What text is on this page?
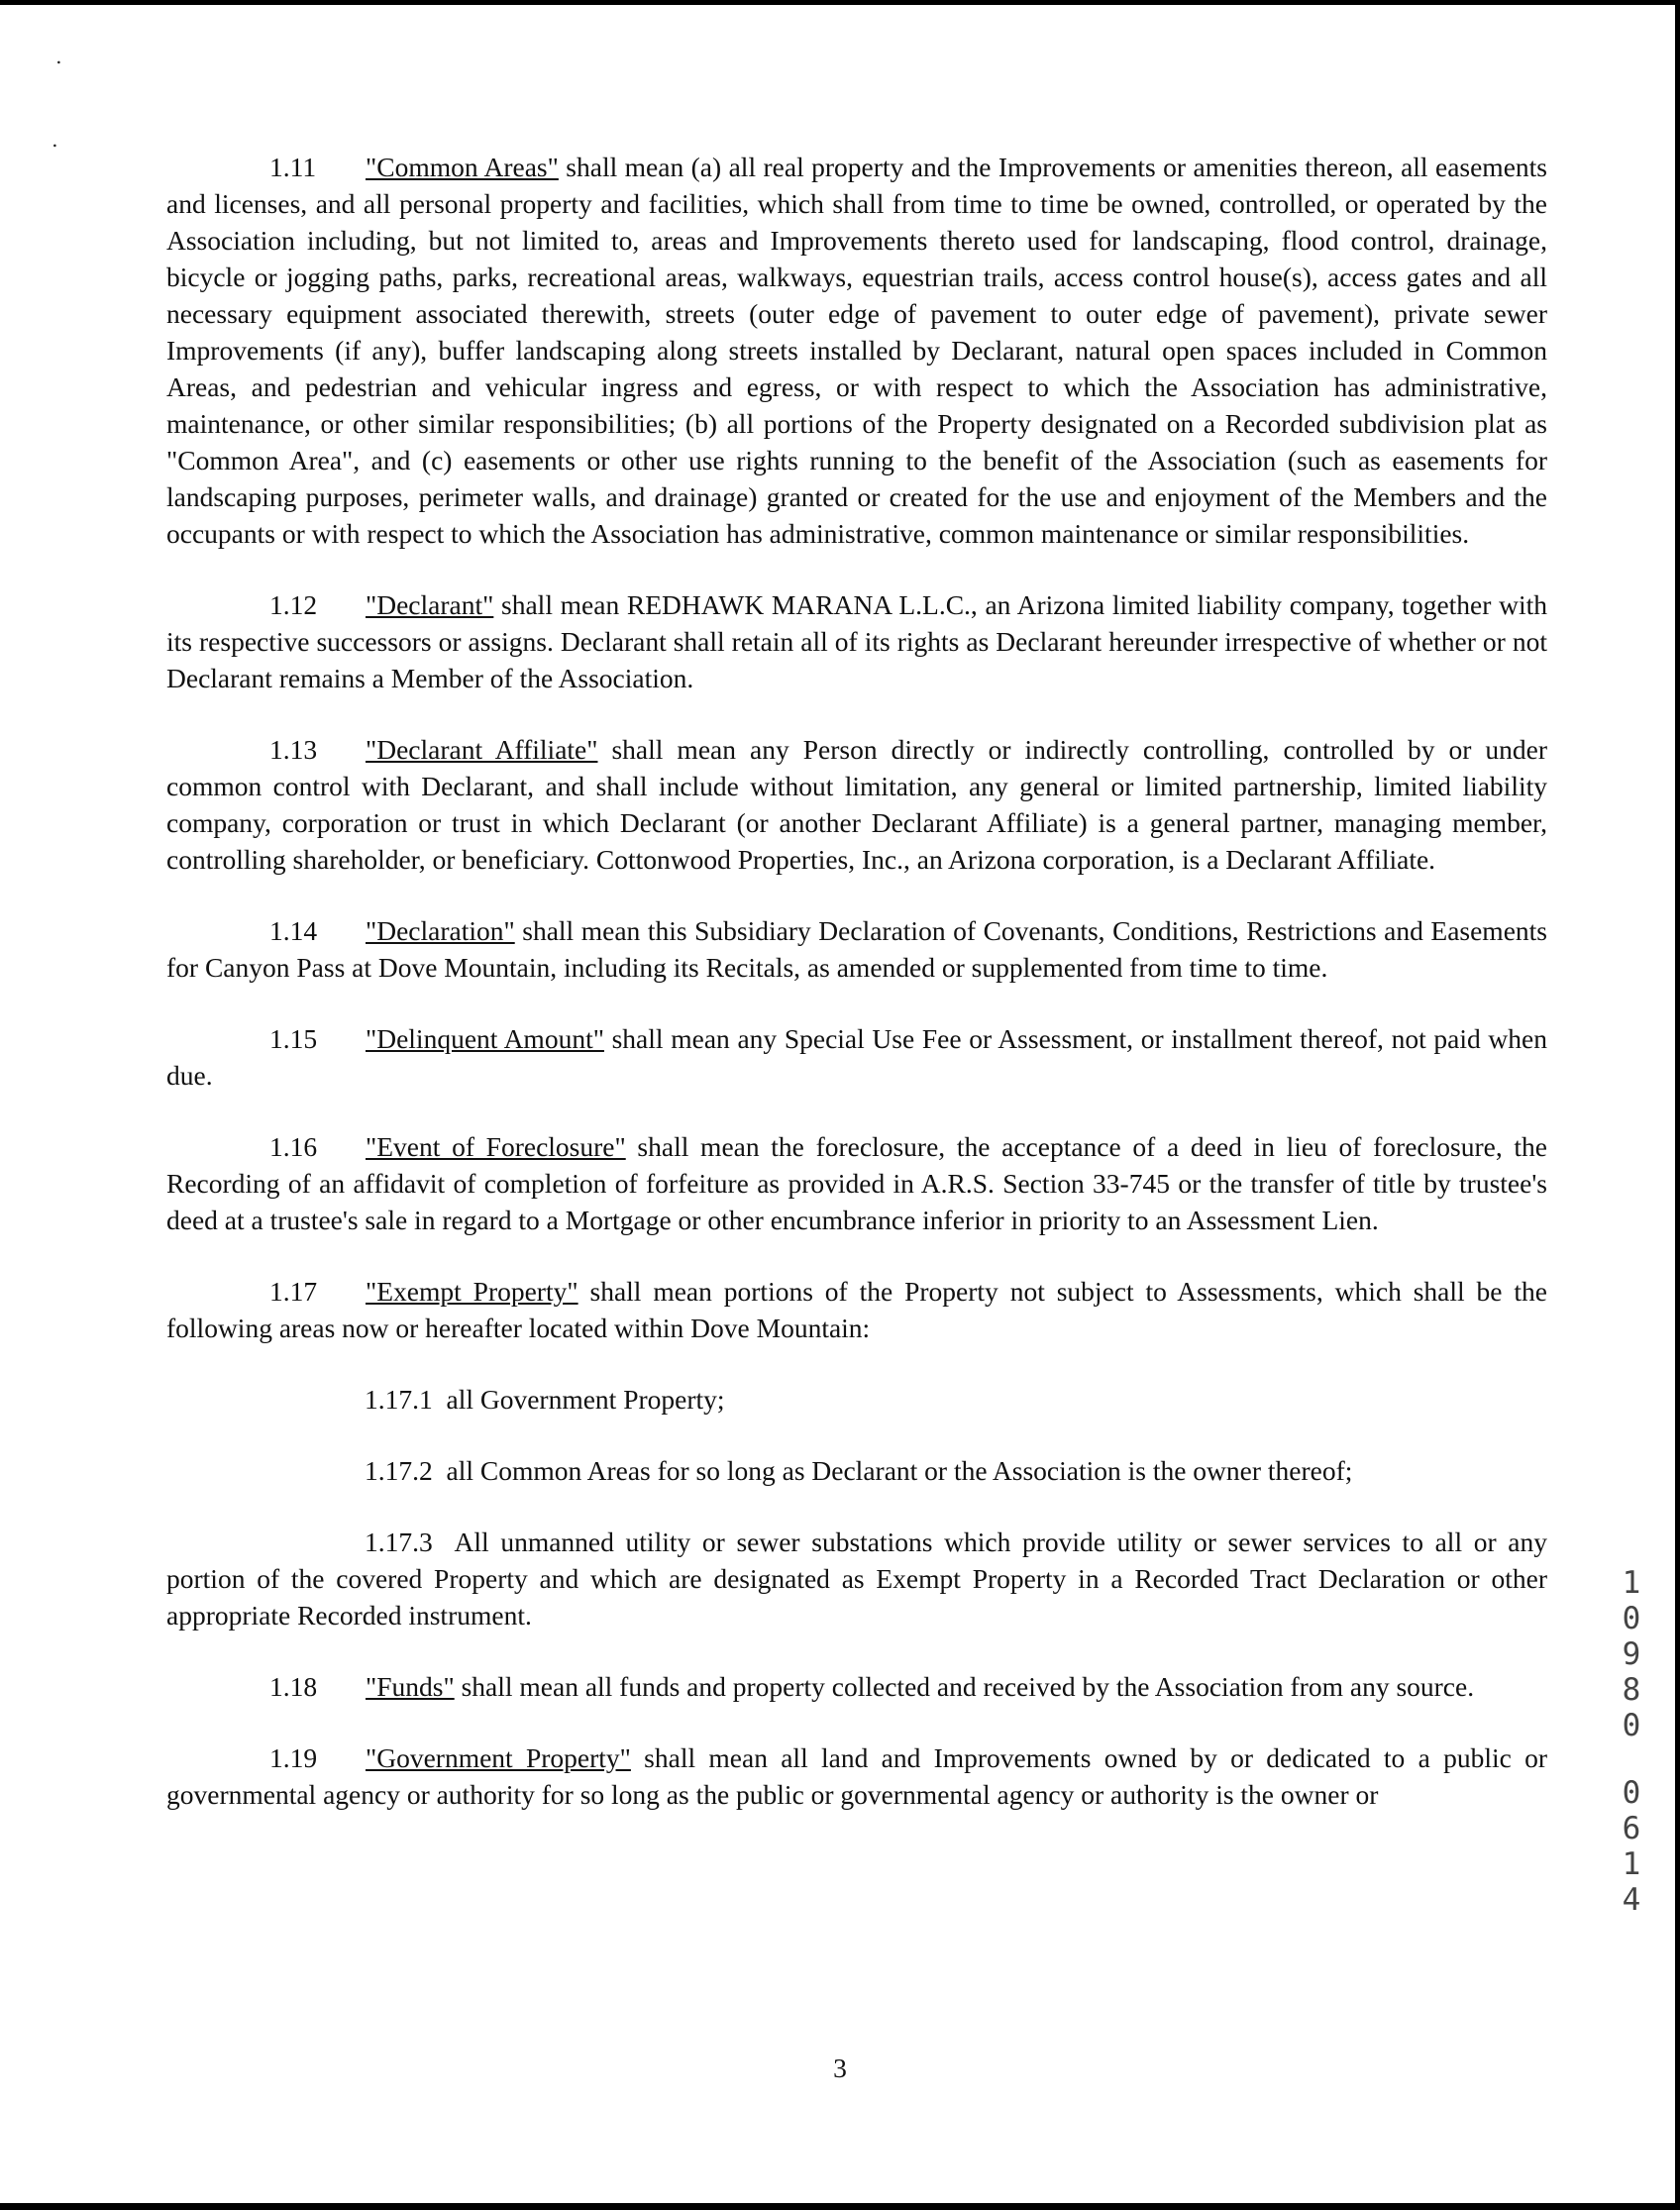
․
․

1.11 "Common Areas" shall mean (a) all real property and the Improvements or amenities thereon, all easements and licenses, and all personal property and facilities, which shall from time to time be owned, controlled, or operated by the Association including, but not limited to, areas and Improvements thereto used for landscaping, flood control, drainage, bicycle or jogging paths, parks, recreational areas, walkways, equestrian trails, access control house(s), access gates and all necessary equipment associated therewith, streets (outer edge of pavement to outer edge of pavement), private sewer Improvements (if any), buffer landscaping along streets installed by Declarant, natural open spaces included in Common Areas, and pedestrian and vehicular ingress and egress, or with respect to which the Association has administrative, maintenance, or other similar responsibilities; (b) all portions of the Property designated on a Recorded subdivision plat as "Common Area", and (c) easements or other use rights running to the benefit of the Association (such as easements for landscaping purposes, perimeter walls, and drainage) granted or created for the use and enjoyment of the Members and the occupants or with respect to which the Association has administrative, common maintenance or similar responsibilities.

1.12 "Declarant" shall mean REDHAWK MARANA L.L.C., an Arizona limited liability company, together with its respective successors or assigns. Declarant shall retain all of its rights as Declarant hereunder irrespective of whether or not Declarant remains a Member of the Association.

1.13 "Declarant Affiliate" shall mean any Person directly or indirectly controlling, controlled by or under common control with Declarant, and shall include without limitation, any general or limited partnership, limited liability company, corporation or trust in which Declarant (or another Declarant Affiliate) is a general partner, managing member, controlling shareholder, or beneficiary. Cottonwood Properties, Inc., an Arizona corporation, is a Declarant Affiliate.

1.14 "Declaration" shall mean this Subsidiary Declaration of Covenants, Conditions, Restrictions and Easements for Canyon Pass at Dove Mountain, including its Recitals, as amended or supplemented from time to time.

1.15 "Delinquent Amount" shall mean any Special Use Fee or Assessment, or installment thereof, not paid when due.

1.16 "Event of Foreclosure" shall mean the foreclosure, the acceptance of a deed in lieu of foreclosure, the Recording of an affidavit of completion of forfeiture as provided in A.R.S. Section 33-745 or the transfer of title by trustee's deed at a trustee's sale in regard to a Mortgage or other encumbrance inferior in priority to an Assessment Lien.

1.17 "Exempt Property" shall mean portions of the Property not subject to Assessments, which shall be the following areas now or hereafter located within Dove Mountain:

1.17.1 all Government Property;

1.17.2 all Common Areas for so long as Declarant or the Association is the owner thereof;

1.17.3 All unmanned utility or sewer substations which provide utility or sewer services to all or any portion of the covered Property and which are designated as Exempt Property in a Recorded Tract Declaration or other appropriate Recorded instrument.

1.18 "Funds" shall mean all funds and property collected and received by the Association from any source.

1.19 "Government Property" shall mean all land and Improvements owned by or dedicated to a public or governmental agency or authority for so long as the public or governmental agency or authority is the owner or

1
0
9
8
0
0
6
1
4
3
